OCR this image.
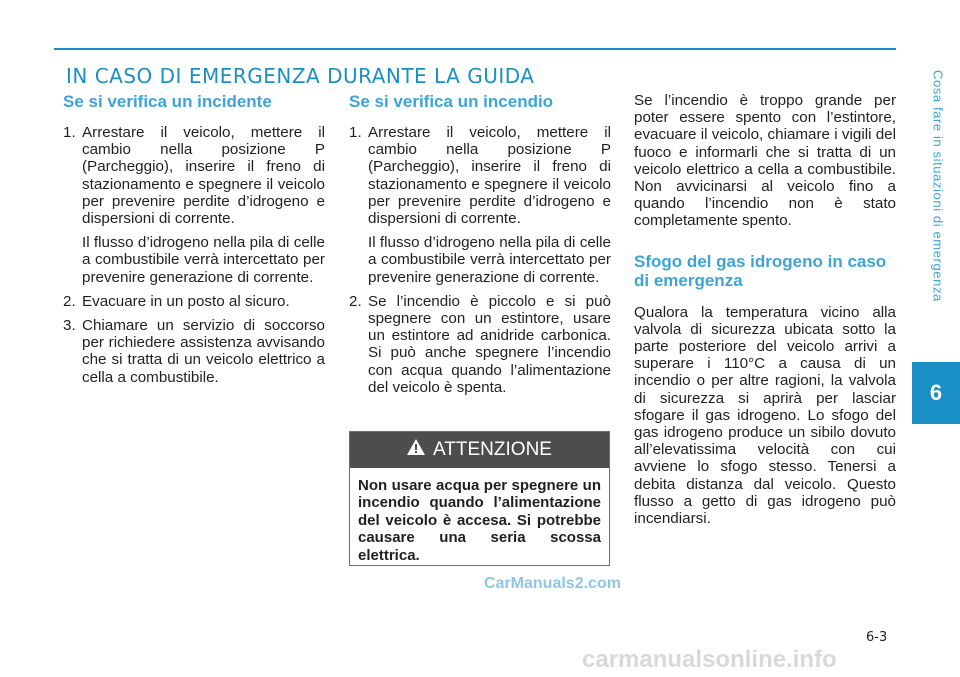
IN CASO DI EMERGENZA DURANTE LA GUIDA
Se si verifica un incidente
1. Arrestare il veicolo, mettere il cambio nella posizione P (Parcheggio), inserire il freno di stazionamento e spegnere il veicolo per prevenire perdite d’idrogeno e dispersioni di corrente.

Il flusso d’idrogeno nella pila di celle a combustibile verrà intercettato per prevenire generazione di corrente.

2. Evacuare in un posto al sicuro.

3. Chiamare un servizio di soccorso per richiedere assistenza avvisando che si tratta di un veicolo elettrico a cella a combustibile.

Se si verifica un incendio
1. Arrestare il veicolo, mettere il cambio nella posizione P (Parcheggio), inserire il freno di stazionamento e spegnere il veicolo per prevenire perdite d’idrogeno e dispersioni di corrente.

Il flusso d’idrogeno nella pila di celle a combustibile verrà intercettato per prevenire generazione di corrente.

2. Se l’incendio è piccolo e si può spegnere con un estintore, usare un estintore ad anidride carbonica. Si può anche spegnere l’incendio con acqua quando l’alimentazione del veicolo è spenta.

ATTENZIONE
Non usare acqua per spegnere un incendio quando l’alimentazione del veicolo è accesa. Si potrebbe causare una seria scossa elettrica.
CarManuals2.com

Se l’incendio è troppo grande per poter essere spento con l’estintore, evacuare il veicolo, chiamare i vigili del fuoco e informarli che si tratta di un veicolo elettrico a cella a combustibile. Non avvicinarsi al veicolo fino a quando l’incendio non è stato completamente spento.

Sfogo del gas idrogeno in caso di emergenza

Qualora la temperatura vicino alla valvola di sicurezza ubicata sotto la parte posteriore del veicolo arrivi a superare i 110°C a causa di un incendio o per altre ragioni, la valvola di sicurezza si aprirà per lasciar sfogare il gas idrogeno. Lo sfogo del gas idrogeno produce un sibilo dovuto all’elevatissima velocità con cui avviene lo sfogo stesso. Tenersi a debita distanza dal veicolo. Questo flusso a getto di gas idrogeno può incendiarsi.

Cosa fare in situazioni di emergenza
6
6-3
carmanualsonline.info
